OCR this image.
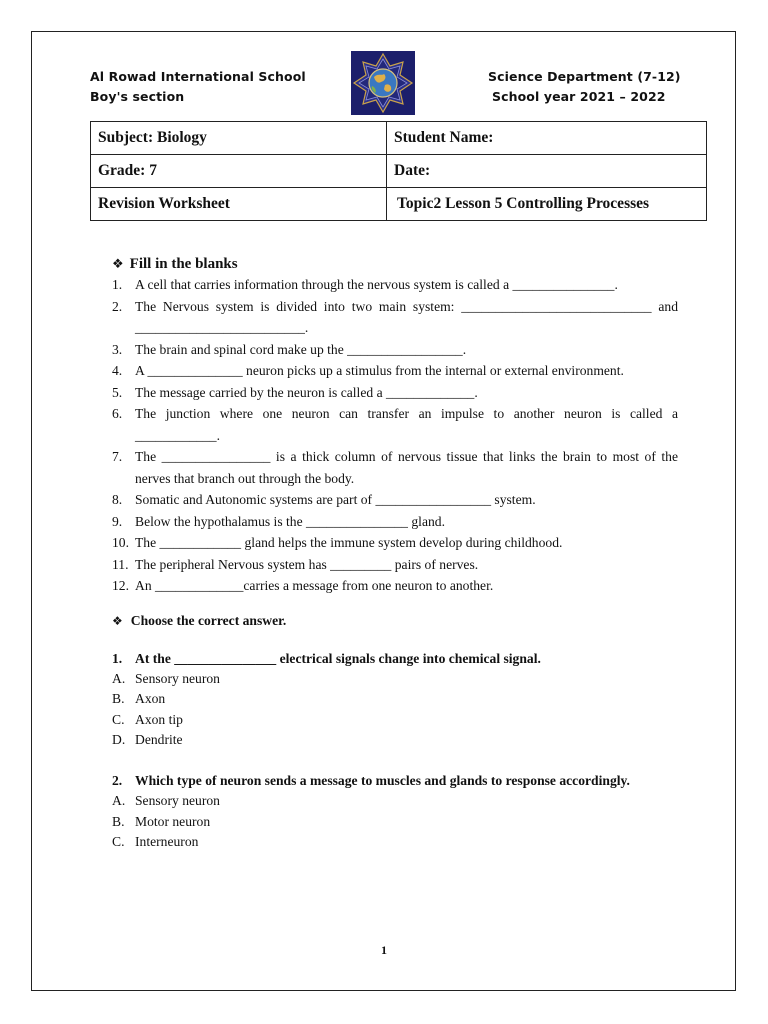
Al Rowad International School
Boy's section
Science Department (7-12)
School year 2021 – 2022
Subject: Biology	Student Name:
Grade: 7	Date:
Revision Worksheet	Topic2 Lesson 5 Controlling Processes
❖ Fill in the blanks
1. A cell that carries information through the nervous system is called a _______________.
2. The Nervous system is divided into two main system: ____________________________ and _________________________.
3. The brain and spinal cord make up the _________________.
4. A ______________ neuron picks up a stimulus from the internal or external environment.
5. The message carried by the neuron is called a _____________.
6. The junction where one neuron can transfer an impulse to another neuron is called a ____________.
7. The ________________ is a thick column of nervous tissue that links the brain to most of the nerves that branch out through the body.
8. Somatic and Autonomic systems are part of _________________ system.
9. Below the hypothalamus is the _______________ gland.
10. The ____________ gland helps the immune system develop during childhood.
11. The peripheral Nervous system has _________ pairs of nerves.
12. An _____________carries a message from one neuron to another.
❖ Choose the correct answer.
1. At the _______________ electrical signals change into chemical signal.
A. Sensory neuron
B. Axon
C. Axon tip
D. Dendrite
2. Which type of neuron sends a message to muscles and glands to response accordingly.
A. Sensory neuron
B. Motor neuron
C. Interneuron
1
